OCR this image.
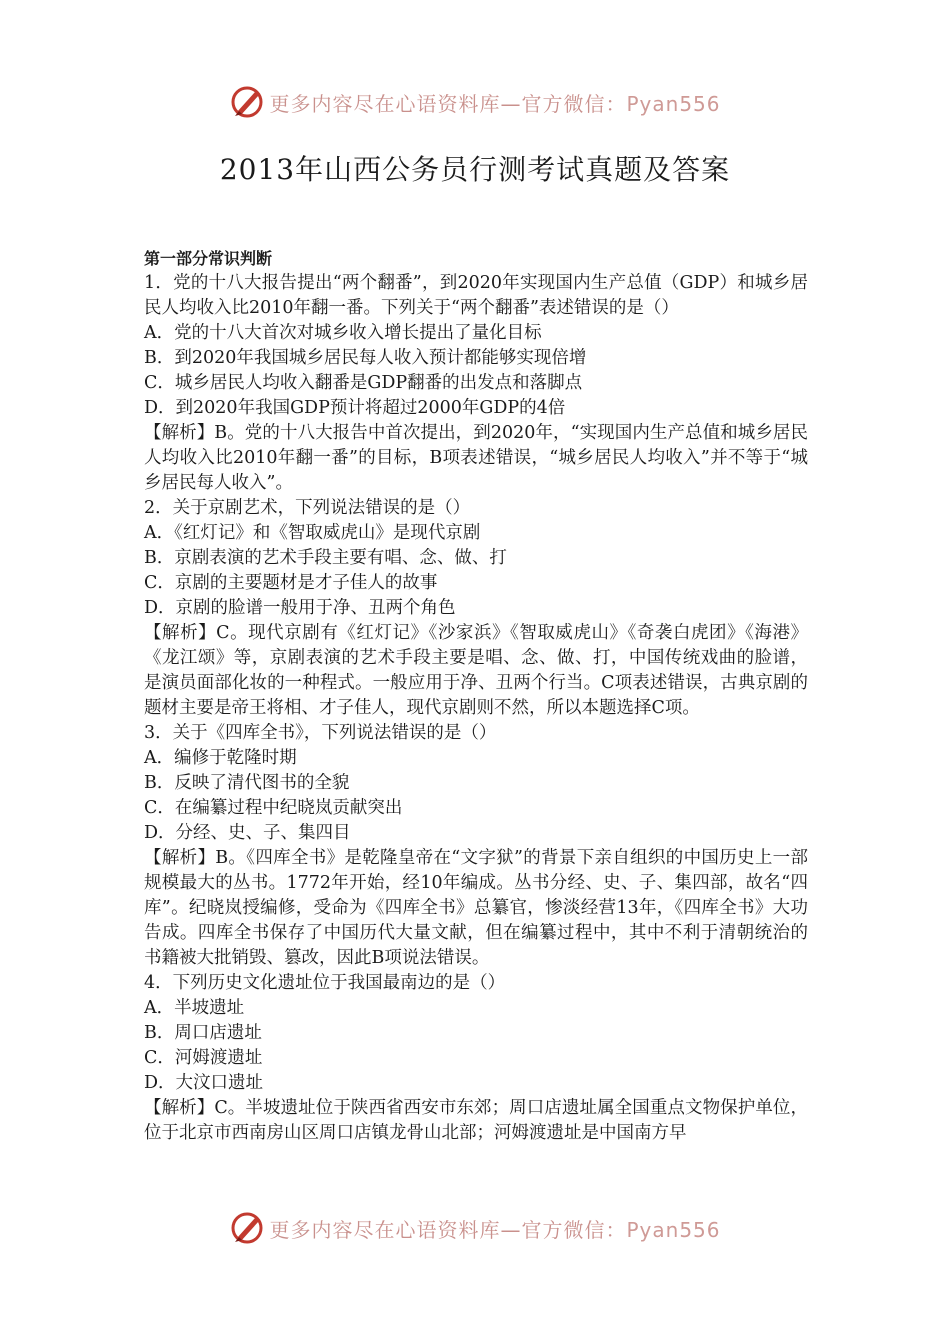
更多内容尽在心语资料库—官方微信：Pyan556
2013年山西公务员行测考试真题及答案

第一部分常识判断

1．党的十八大报告提出“两个翻番”，到2020年实现国内生产总值（GDP）和城乡居民人均收入比2010年翻一番。下列关于“两个翻番”表述错误的是（）

A．党的十八大首次对城乡收入增长提出了量化目标

B．到2020年我国城乡居民每人收入预计都能够实现倍增

C．城乡居民人均收入翻番是GDP翻番的出发点和落脚点

D．到2020年我国GDP预计将超过2000年GDP的4倍

【解析】B。党的十八大报告中首次提出，到2020年，“实现国内生产总值和城乡居民人均收入比2010年翻一番”的目标，B项表述错误，“城乡居民人均收入”并不等于“城乡居民每人收入”。

2．关于京剧艺术，下列说法错误的是（）

A．《红灯记》和《智取威虎山》是现代京剧

B．京剧表演的艺术手段主要有唱、念、做、打

C．京剧的主要题材是才子佳人的故事

D．京剧的脸谱一般用于净、丑两个角色

【解析】C。现代京剧有《红灯记》《沙家浜》《智取威虎山》《奇袭白虎团》《海港》《龙江颂》等，京剧表演的艺术手段主要是唱、念、做、打，中国传统戏曲的脸谱，是演员面部化妆的一种程式。一般应用于净、丑两个行当。C项表述错误，古典京剧的题材主要是帝王将相、才子佳人，现代京剧则不然，所以本题选择C项。

3．关于《四库全书》，下列说法错误的是（）

A．编修于乾隆时期

B．反映了清代图书的全貌

C．在编纂过程中纪晓岚贡献突出

D．分经、史、子、集四目

【解析】B。《四库全书》是乾隆皇帝在“文字狱”的背景下亲自组织的中国历史上一部规模最大的丛书。1772年开始，经10年编成。丛书分经、史、子、集四部，故名“四库”。纪晓岚授编修，受命为《四库全书》总纂官，惨淡经营13年，《四库全书》大功告成。四库全书保存了中国历代大量文献，但在编纂过程中，其中不利于清朝统治的书籍被大批销毁、篡改，因此B项说法错误。

4．下列历史文化遗址位于我国最南边的是（）

A．半坡遗址

B．周口店遗址

C．河姆渡遗址

D．大汶口遗址

【解析】C。半坡遗址位于陕西省西安市东郊；周口店遗址属全国重点文物保护单位，位于北京市西南房山区周口店镇龙骨山北部；河姆渡遗址是中国南方早

更多内容尽在心语资料库—官方微信：Pyan556
